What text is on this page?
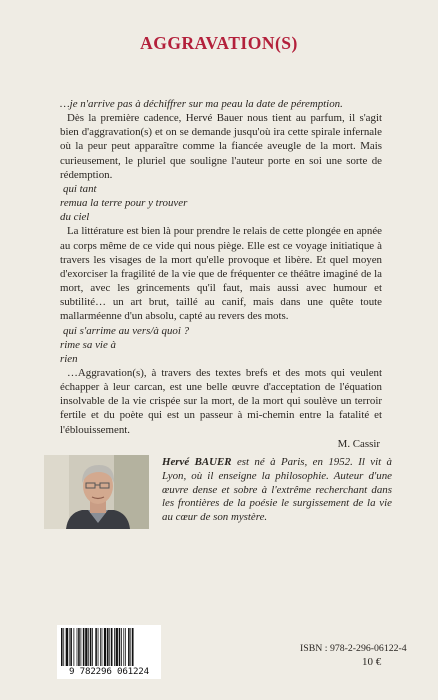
AGGRAVATION(S)

…je n'arrive pas à déchiffrer sur ma peau la date de péremption.

Dès la première cadence, Hervé Bauer nous tient au parfum, il s'agit bien d'aggravation(s) et on se demande jusqu'où ira cette spirale infernale où la peur peut apparaître comme la fiancée aveugle de la mort. Mais curieusement, le pluriel que souligne l'auteur porte en soi une sorte de rédemption.

qui tant
remua la terre pour y trouver
du ciel

La littérature est bien là pour prendre le relais de cette plongée en apnée au corps même de ce vide qui nous piège. Elle est ce voyage initiatique à travers les visages de la mort qu'elle provoque et libère. Et quel moyen d'exorciser la fragilité de la vie que de fréquenter ce théâtre imaginé de la mort, avec les grincements qu'il faut, mais aussi avec humour et subtilité… un art brut, taillé au canif, mais dans une quête toute mallarméenne d'un absolu, capté au revers des mots.

qui s'arrime au vers/à quoi ?
rime sa vie à
rien

…Aggravation(s), à travers des textes brefs et des mots qui veulent échapper à leur carcan, est une belle œuvre d'acceptation de l'équation insolvable de la vie crispée sur la mort, de la mort qui soulève un terroir fertile et du poète qui est un passeur à mi-chemin entre la fatalité et l'éblouissement.

M. Cassir

Hervé BAUER est né à Paris, en 1952. Il vit à Lyon, où il enseigne la philosophie. Auteur d'une œuvre dense et sobre à l'extrême recherchant dans les frontières de la poésie le surgissement de la vie au cœur de son mystère.
9 782296 061224
ISBN : 978-2-296-06122-4
10 €
